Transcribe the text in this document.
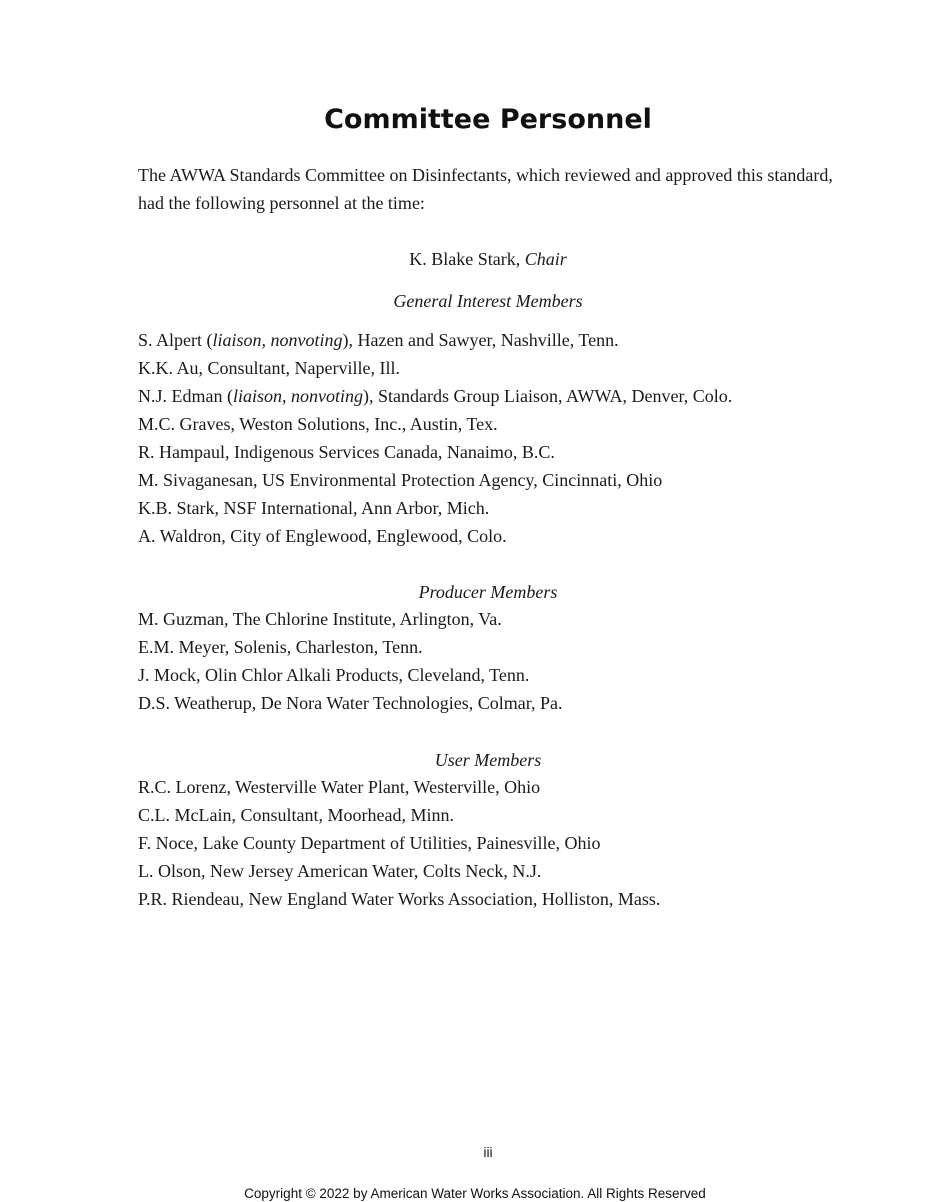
Committee Personnel

The AWWA Standards Committee on Disinfectants, which reviewed and approved this standard, had the following personnel at the time:

K. Blake Stark, Chair
General Interest Members
S. Alpert (liaison, nonvoting), Hazen and Sawyer, Nashville, Tenn.
K.K. Au, Consultant, Naperville, Ill.
N.J. Edman (liaison, nonvoting), Standards Group Liaison, AWWA, Denver, Colo.
M.C. Graves, Weston Solutions, Inc., Austin, Tex.
R. Hampaul, Indigenous Services Canada, Nanaimo, B.C.
M. Sivaganesan, US Environmental Protection Agency, Cincinnati, Ohio
K.B. Stark, NSF International, Ann Arbor, Mich.
A. Waldron, City of Englewood, Englewood, Colo.
Producer Members
M. Guzman, The Chlorine Institute, Arlington, Va.
E.M. Meyer, Solenis, Charleston, Tenn.
J. Mock, Olin Chlor Alkali Products, Cleveland, Tenn.
D.S. Weatherup, De Nora Water Technologies, Colmar, Pa.
User Members
R.C. Lorenz, Westerville Water Plant, Westerville, Ohio
C.L. McLain, Consultant, Moorhead, Minn.
F. Noce, Lake County Department of Utilities, Painesville, Ohio
L. Olson, New Jersey American Water, Colts Neck, N.J.
P.R. Riendeau, New England Water Works Association, Holliston, Mass.
iii
Copyright © 2022 by American Water Works Association. All Rights Reserved
